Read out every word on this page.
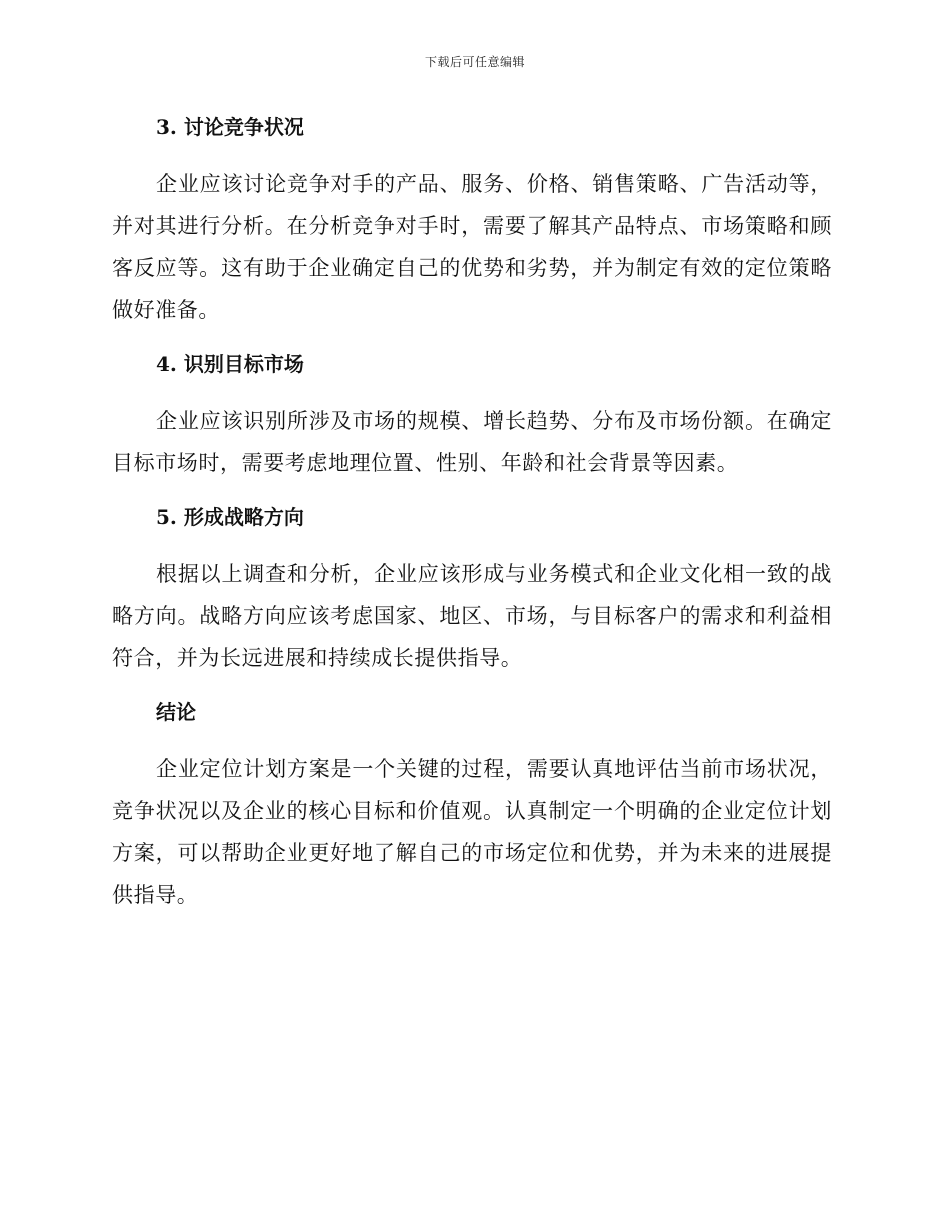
下载后可任意编辑
3. 讨论竞争状况

企业应该讨论竞争对手的产品、服务、价格、销售策略、广告活动等，并对其进行分析。在分析竞争对手时，需要了解其产品特点、市场策略和顾客反应等。这有助于企业确定自己的优势和劣势，并为制定有效的定位策略做好准备。

4. 识别目标市场

企业应该识别所涉及市场的规模、增长趋势、分布及市场份额。在确定目标市场时，需要考虑地理位置、性别、年龄和社会背景等因素。

5. 形成战略方向

根据以上调查和分析，企业应该形成与业务模式和企业文化相一致的战略方向。战略方向应该考虑国家、地区、市场，与目标客户的需求和利益相符合，并为长远进展和持续成长提供指导。

结论

企业定位计划方案是一个关键的过程，需要认真地评估当前市场状况，竞争状况以及企业的核心目标和价值观。认真制定一个明确的企业定位计划方案，可以帮助企业更好地了解自己的市场定位和优势，并为未来的进展提供指导。
